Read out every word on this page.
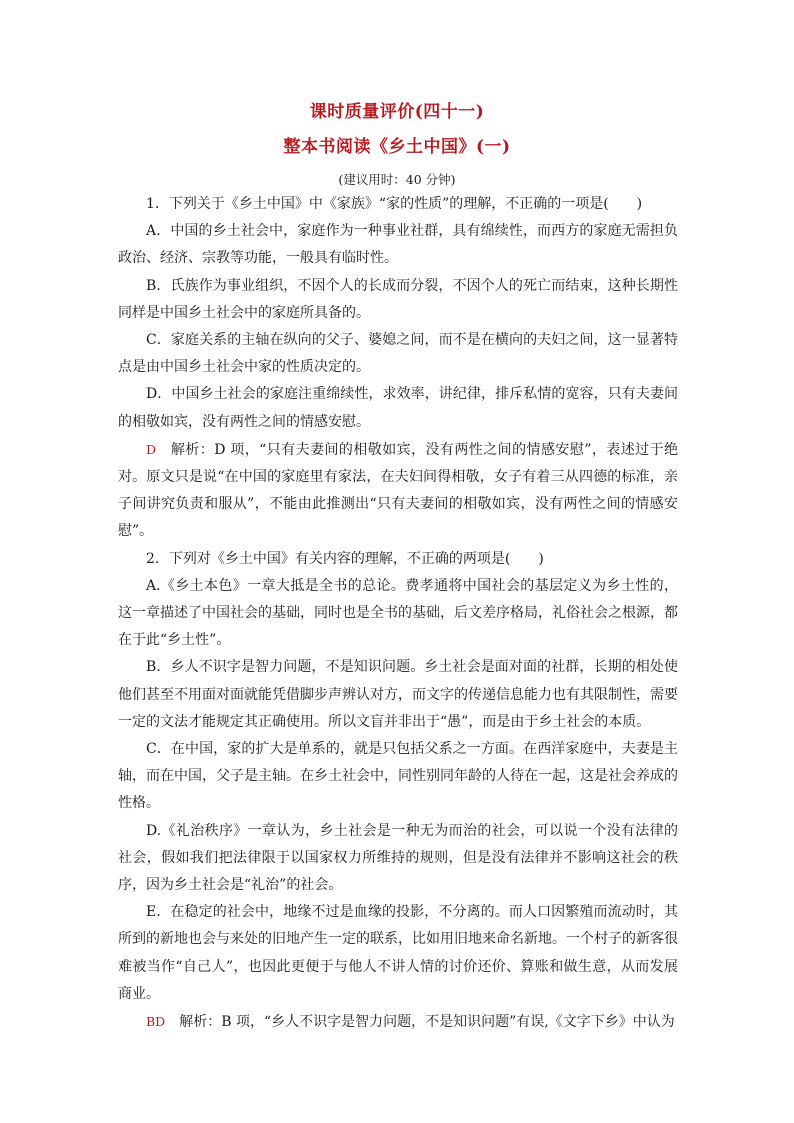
课时质量评价(四十一)
整本书阅读《乡土中国》(一)
(建议用时：40 分钟)

1．下列关于《乡土中国》中《家族》“家的性质”的理解，不正确的一项是(　　)

A．中国的乡土社会中，家庭作为一种事业社群，具有绵续性，而西方的家庭无需担负政治、经济、宗教等功能，一般具有临时性。

B．氏族作为事业组织，不因个人的长成而分裂，不因个人的死亡而结束，这种长期性同样是中国乡土社会中的家庭所具备的。

C．家庭关系的主轴在纵向的父子、婆媳之间，而不是在横向的夫妇之间，这一显著特点是由中国乡土社会中家的性质决定的。

D．中国乡土社会的家庭注重绵续性，求效率，讲纪律，排斥私情的宽容，只有夫妻间的相敬如宾，没有两性之间的情感安慰。

D　 解析：D 项，“只有夫妻间的相敬如宾，没有两性之间的情感安慰”，表述过于绝对。原文只是说“在中国的家庭里有家法，在夫妇间得相敬，女子有着三从四德的标准，亲子间讲究负责和服从”，不能由此推测出“只有夫妻间的相敬如宾，没有两性之间的情感安慰”。

2．下列对《乡土中国》有关内容的理解，不正确的两项是(　　)

A.《乡土本色》一章大抵是全书的总论。费孝通将中国社会的基层定义为乡土性的，这一章描述了中国社会的基础，同时也是全书的基础，后文差序格局，礼俗社会之根源，都在于此“乡土性”。

B．乡人不识字是智力问题，不是知识问题。乡土社会是面对面的社群，长期的相处使他们甚至不用面对面就能凭借脚步声辨认对方，而文字的传递信息能力也有其限制性，需要一定的文法才能规定其正确使用。所以文盲并非出于“愚”，而是由于乡土社会的本质。

C．在中国，家的扩大是单系的，就是只包括父系之一方面。在西洋家庭中，夫妻是主轴，而在中国，父子是主轴。在乡土社会中，同性别同年龄的人待在一起，这是社会养成的性格。

D.《礼治秩序》一章认为，乡土社会是一种无为而治的社会，可以说一个没有法律的社会，假如我们把法律限于以国家权力所维持的规则，但是没有法律并不影响这社会的秩序，因为乡土社会是“礼治”的社会。

E．在稳定的社会中，地缘不过是血缘的投影，不分离的。而人口因繁殖而流动时，其所到的新地也会与来处的旧地产生一定的联系，比如用旧地来命名新地。一个村子的新客很难被当作“自己人”，也因此更便于与他人不讲人情的讨价还价、算账和做生意，从而发展商业。

BD　 解析：B 项，“乡人不识字是智力问题，不是知识问题”有误,《文字下乡》中认为
